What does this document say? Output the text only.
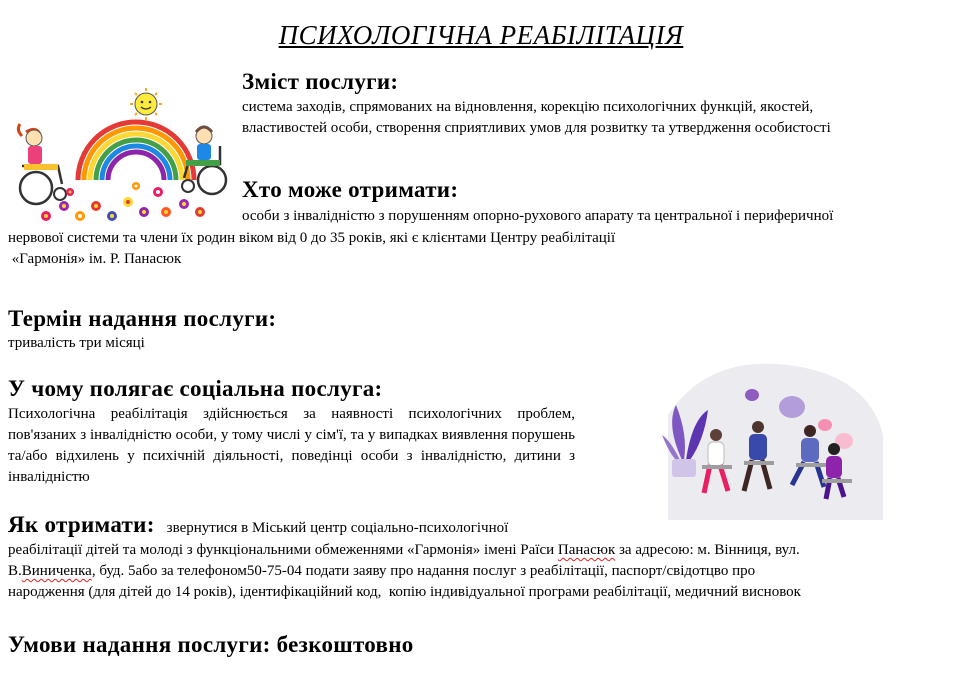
ПСИХОЛОГІЧНА РЕАБІЛІТАЦІЯ
Зміст послуги:
система заходів, спрямованих на відновлення, корекцію психологічних функцій, якостей,
властивостей особи, створення сприятливих умов для розвитку та утвердження особистості
Хто може отримати:
особи з інвалідністю з порушенням опорно-рухового апарату та центральної і периферичної
нервової системи та члени їх родин віком від 0 до 35 років, які є клієнтами Центру реабілітації
«Гармонія» ім. Р. Панасюк
Термін надання послуги:
тривалість три місяці
У чому полягає соціальна послуга:
Психологічна реабілітація здійснюється за наявності психологічних проблем, пов'язаних з інвалідністю особи, у тому числі у сім'ї, та у випадках виявлення порушень та/або відхилень у психічній діяльності, поведінці особи з інвалідністю, дитини з інвалідністю
Як отримати: звернутися в Міський центр соціально-психологічної
реабілітації дітей та молоді з функціональними обмеженнями «Гармонія» імені Раїси Панасюк за адресою: м. Вінниця, вул.
В.Виниченка, буд. 5або за телефоном50-75-04 подати заяву про надання послуг з реабілітації, паспорт/свідотцво про
народження (для дітей до 14 років), ідентифікаційний код,  копію індивідуальної програми реабілітації, медичний висновок
Умови надання послуги: безкоштовно
